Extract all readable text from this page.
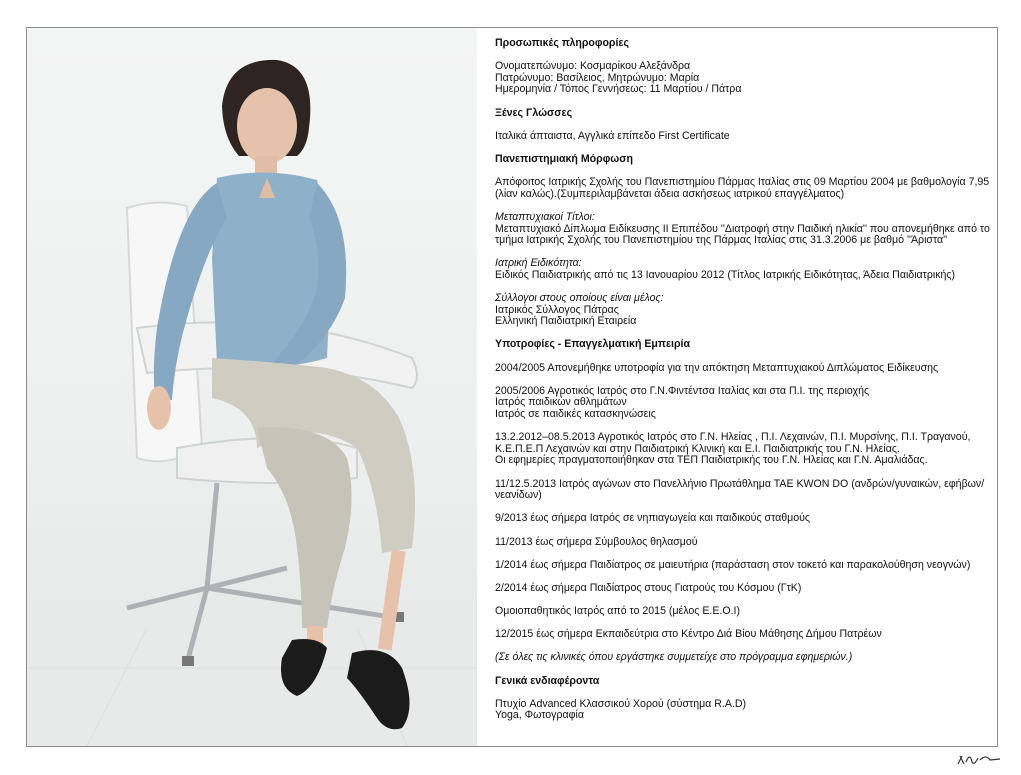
Προσωπικές πληροφορίες

Ονοματεπώνυμο: Κοσμαρίκου Αλεξάνδρα
Πατρώνυμο: Βασίλειος, Μητρώνυμο: Μαρία
Ημερομηνία / Τόπος Γεννήσεως: 11 Μαρτίου / Πάτρα

Ξένες Γλώσσες

Ιταλικά άπταιστα, Αγγλικά επίπεδο First Certificate

Πανεπιστημιακή Μόρφωση

Απόφοιτος Ιατρικής Σχολής του Πανεπιστημίου Πάρμας Ιταλίας στις 09 Μαρτίου 2004 με βαθμολογία 7,95 (λίαν καλώς).(Συμπεριλαμβάνεται άδεια ασκήσεως ιατρικού επαγγέλματος)

Μεταπτυχιακοί Τίτλοι:
Μεταπτυχιακό Δίπλωμα Ειδίκευσης ΙΙ Επιπέδου ''Διατροφή στην Παιδική ηλικία'' που απονεμήθηκε από το τμήμα Ιατρικής Σχολής του Πανεπιστημίου της Πάρμας Ιταλίας στις 31.3.2006 με βαθμό ''Άριστα''

Ιατρική Ειδικότητα:
Ειδικός Παιδιατρικής από τις 13 Ιανουαρίου 2012 (Τίτλος Ιατρικής Ειδικότητας, Άδεια Παιδιατρικής)

Σύλλογοι στους οποίους είναι μέλος:
Ιατρικός Σύλλογος Πάτρας
Ελληνική Παιδιατρική Εταιρεία

Υποτροφίες - Επαγγελματική Εμπειρία

2004/2005 Απονεμήθηκε υποτροφία για την απόκτηση Μεταπτυχιακού Διπλώματος Ειδίκευσης

2005/2006 Αγροτικός Ιατρός στο Γ.Ν.Φιντέντσα Ιταλίας και στα Π.Ι. της περιοχής
Ιατρός παιδικών αθλημάτων
Ιατρός σε παιδικές κατασκηνώσεις

13.2.2012–08.5.2013 Αγροτικός Ιατρός στο Γ.Ν. Ηλείας , Π.Ι. Λεχαινών, Π.Ι. Μυρσίνης, Π.Ι. Τραγανού, Κ.Ε.Π.Ε.Π Λεχαινών και στην Παιδιατρική Κλινική και Ε.Ι. Παιδιατρικής του Γ.Ν. Ηλείας.
Οι εφημερίες πραγματοποιήθηκαν στα ΤΕΠ Παιδιατρικής του Γ.Ν. Ηλείας και Γ.Ν. Αμαλιάδας.

11/12.5.2013 Ιατρός αγώνων στο Πανελλήνιο Πρωτάθλημα ΤΑΕ KWON DO (ανδρών/γυναικών, εφήβων/νεανίδων)

9/2013 έως σήμερα Ιατρός σε νηπιαγωγεία και παιδικούς σταθμούς

11/2013 έως σήμερα Σύμβουλος θηλασμού

1/2014 έως σήμερα Παιδίατρος σε μαιευτήρια (παράσταση στον τοκετό και παρακολούθηση νεογνών)

2/2014 έως σήμερα Παιδίατρος στους Γιατρούς του Κόσμου (ΓτΚ)

Ομοιοπαθητικός Ιατρός από το 2015 (μέλος Ε.Ε.Ο.Ι)

12/2015 έως σήμερα Εκπαιδεύτρια στο Κέντρο Διά Βίου Μάθησης Δήμου Πατρέων

(Σε όλες τις κλινικές όπου εργάστηκε συμμετείχε στο πρόγραμμα εφημεριών.)

Γενικά ενδιαφέροντα

Πτυχίο Advanced Κλασσικού Χορού (σύστημα R.A.D)
Yoga, Φωτογραφία
